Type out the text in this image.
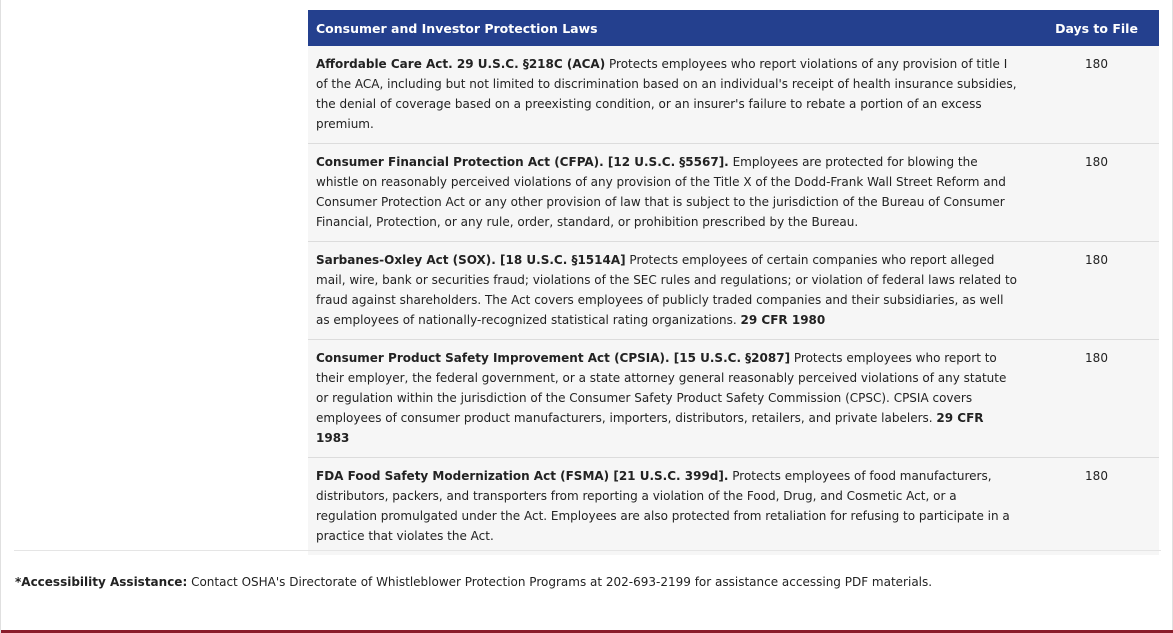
Consumer and Investor Protection Laws	Days to File

Affordable Care Act. 29 U.S.C. §218C (ACA) Protects employees who report violations of any provision of title I of the ACA, including but not limited to discrimination based on an individual's receipt of health insurance subsidies, the denial of coverage based on a preexisting condition, or an insurer's failure to rebate a portion of an excess premium.	180

Consumer Financial Protection Act (CFPA). [12 U.S.C. §5567]. Employees are protected for blowing the whistle on reasonably perceived violations of any provision of the Title X of the Dodd-Frank Wall Street Reform and Consumer Protection Act or any other provision of law that is subject to the jurisdiction of the Bureau of Consumer Financial, Protection, or any rule, order, standard, or prohibition prescribed by the Bureau.	180

Sarbanes-Oxley Act (SOX). [18 U.S.C. §1514A] Protects employees of certain companies who report alleged mail, wire, bank or securities fraud; violations of the SEC rules and regulations; or violation of federal laws related to fraud against shareholders. The Act covers employees of publicly traded companies and their subsidiaries, as well as employees of nationally-recognized statistical rating organizations. 29 CFR 1980	180

Consumer Product Safety Improvement Act (CPSIA). [15 U.S.C. §2087] Protects employees who report to their employer, the federal government, or a state attorney general reasonably perceived violations of any statute or regulation within the jurisdiction of the Consumer Safety Product Safety Commission (CPSC). CPSIA covers employees of consumer product manufacturers, importers, distributors, retailers, and private labelers. 29 CFR 1983	180

FDA Food Safety Modernization Act (FSMA) [21 U.S.C. 399d]. Protects employees of food manufacturers, distributors, packers, and transporters from reporting a violation of the Food, Drug, and Cosmetic Act, or a regulation promulgated under the Act. Employees are also protected from retaliation for refusing to participate in a practice that violates the Act.	180
*Accessibility Assistance: Contact OSHA's Directorate of Whistleblower Protection Programs at 202-693-2199 for assistance accessing PDF materials.
